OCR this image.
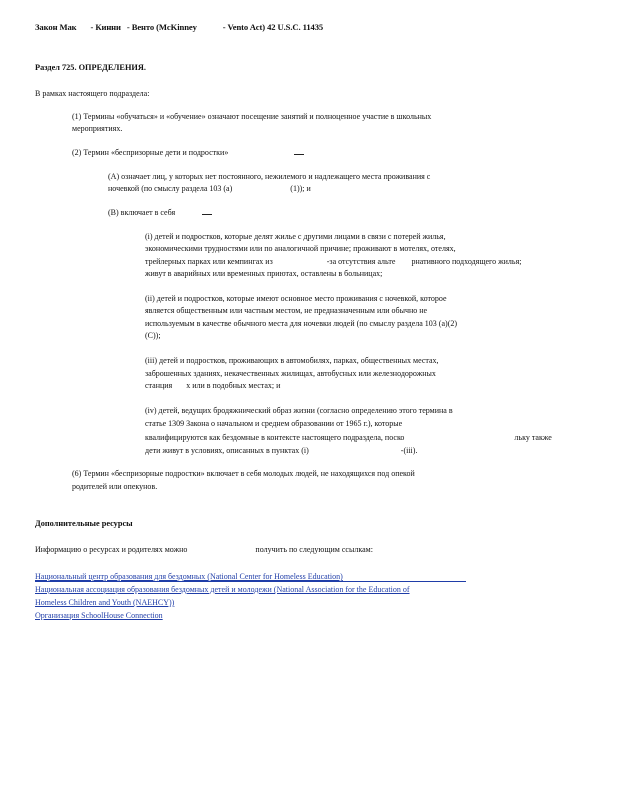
Закон Мак - Кинни - Венто (McKinney	- Vento Act) 42 U.S.C. 11435
Раздел 725. ОПРЕДЕЛЕНИЯ.
В рамках настоящего подраздела:
(1) Термины «обучаться» и «обучение» означают посещение занятий и полноценное участие в школьных
мероприятиях.
(2) Термин «беспризорные дети и подростки»
(A) означает лиц, у которых нет постоянного, нежилемого и надлежащего места проживания с
ночевкой (по смыслу раздела 103 (a)	(1)); и
(B) включает в себя
(i) детей и подростков, которые делят жилье с другими лицами в связи с потерей жилья,
экономическими трудностями или по аналогичной причине; проживают в мотелях, отелях,
трейлерных парках или кемпингах из	-за отсутствия альте рнативного подходящего жилья;
живут в аварийных или временных приютах, оставлены в больницах;
(ii) детей и подростков, которые имеют основное место проживания с ночевкой, которое
является общественным или частным местом, не предназначенным или обычно не
используемым в качестве обычного места для ночевки людей (по смыслу раздела 103 (a)(2)
(C));
(iii) детей и подростков, проживающих в автомобилях, парках, общественных местах,
заброшенных зданиях, некачественных жилищах, автобусных или железнодорожных
станция х или в подобных местах; и
(iv) детей, ведущих бродяжнический образ жизни (согласно определению этого термина в
статье 1309 Закона о начальном и среднем образовании от 1965 г.), которые
квалифицируются как бездомные в контексте настоящего подраздела, поско	льку также
дети живут в условиях, описанных в пунктах (i)	-(iii).
(6) Термин «беспризорные подростки» включает в себя молодых людей, не находящихся под опекой
родителей или опекунов.
Дополнительные ресурсы
Информацию о ресурсах и родителях можно	получить по следующим ссылкам:
Национальный центр образования для бездомных (National Center for Homeless Education)
Национальная ассоциация образования бездомных детей и молодежи (National Association for the Education of
Homeless Children and Youth (NAEHCY))
Организация SchoolHouse Connection
